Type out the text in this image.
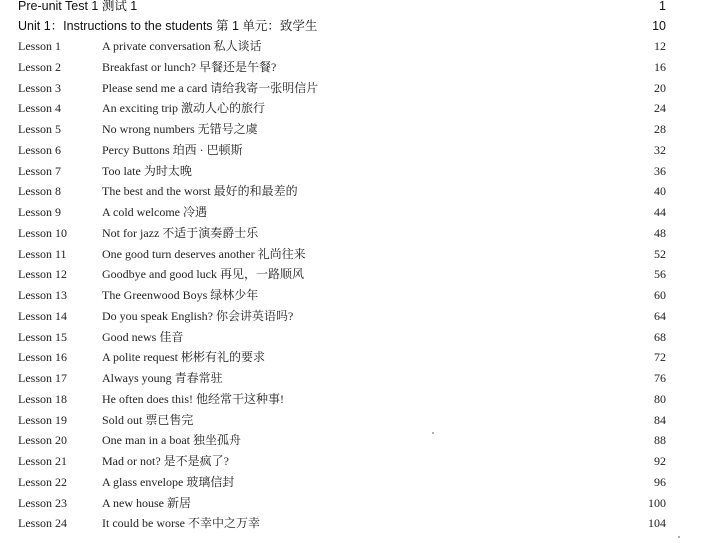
Pre-unit Test 1 测试 1	1
Unit 1：Instructions to the students 第 1 单元：致学生	10
Lesson 1	A private conversation 私人谈话	12
Lesson 2	Breakfast or lunch? 早餐还是午餐?	16
Lesson 3	Please send me a card 请给我寄一张明信片	20
Lesson 4	An exciting trip 激动人心的旅行	24
Lesson 5	No wrong numbers 无错号之虞	28
Lesson 6	Percy Buttons 珀西 · 巴顿斯	32
Lesson 7	Too late 为时太晚	36
Lesson 8	The best and the worst 最好的和最差的	40
Lesson 9	A cold welcome 冷遇	44
Lesson 10	Not for jazz 不适于演奏爵士乐	48
Lesson 11	One good turn deserves another 礼尚往来	52
Lesson 12	Goodbye and good luck 再见，一路顺风	56
Lesson 13	The Greenwood Boys 绿林少年	60
Lesson 14	Do you speak English? 你会讲英语吗?	64
Lesson 15	Good news 佳音	68
Lesson 16	A polite request 彬彬有礼的要求	72
Lesson 17	Always young 青春常驻	76
Lesson 18	He often does this! 他经常干这种事!	80
Lesson 19	Sold out 票已售完	84
Lesson 20	One man in a boat 独坐孤舟	88
Lesson 21	Mad or not? 是不是疯了?	92
Lesson 22	A glass envelope 玻璃信封	96
Lesson 23	A new house 新居	100
Lesson 24	It could be worse 不幸中之万幸	104
